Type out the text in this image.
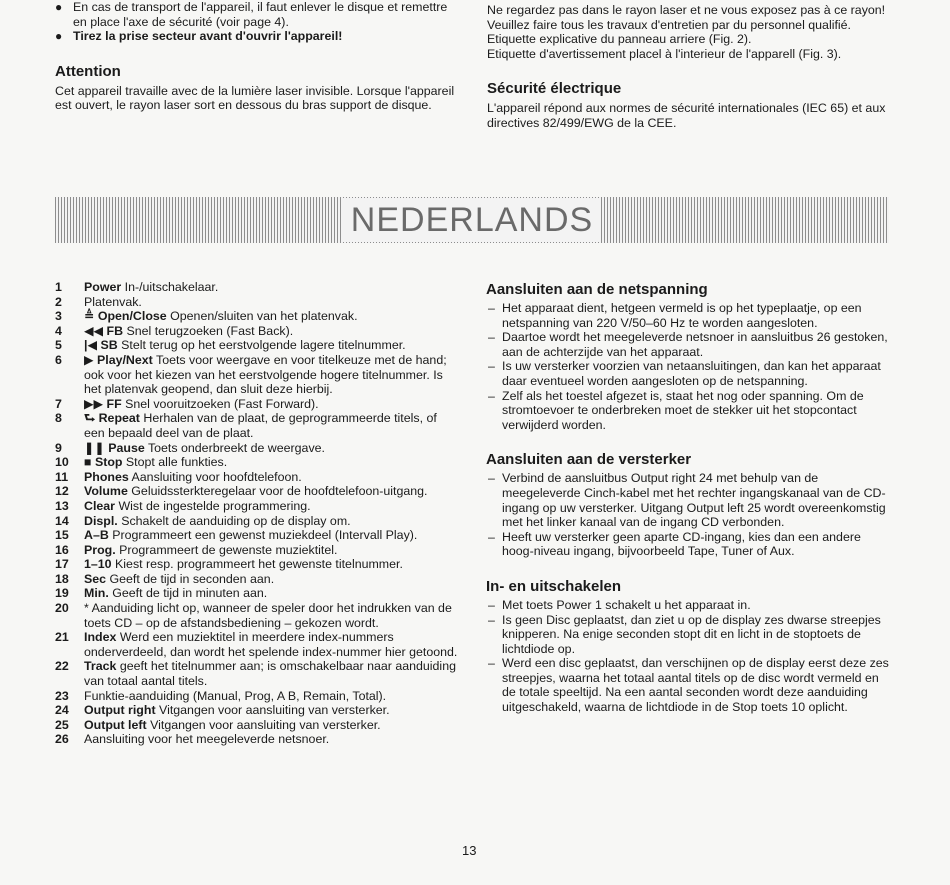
● En cas de transport de l'appareil, il faut enlever le disque et remettre en place l'axe de sécurité (voir page 4).
● Tirez la prise secteur avant d'ouvrir l'appareil!
Attention

Cet appareil travaille avec de la lumière laser invisible. Lorsque l'appareil est ouvert, le rayon laser sort en dessous du bras support de disque.

Ne regardez pas dans le rayon laser et ne vous exposez pas à ce rayon!

Veuillez faire tous les travaux d'entretien par du personnel qualifié.

Etiquette explicative du panneau arriere (Fig. 2).

Etiquette d'avertissement placel à l'interieur de l'apparell (Fig. 3).

Sécurité électrique

L'appareil répond aux normes de sécurité internationales (IEC 65) et aux directives 82/499/EWG de la CEE.

NEDERLANDS
1	Power In-/uitschakelaar.
2	Platenvak.
3	≜ Open/Close Openen/sluiten van het platenvak.
4	◀◀ FB Snel terugzoeken (Fast Back).
5	|◀ SB Stelt terug op het eerstvolgende lagere titelnummer.
6	▶ Play/Next Toets voor weergave en voor titelkeuze met de hand; ook voor het kiezen van het eerstvolgende hogere titelnummer. Is het platenvak geopend, dan sluit deze hierbij.
7	▶▶ FF Snel vooruitzoeken (Fast Forward).
8	⮑ Repeat Herhalen van de plaat, de geprogrammeerde titels, of een bepaald deel van de plaat.
9	❚❚ Pause Toets onderbreekt de weergave.
10	■ Stop Stopt alle funkties.
11	Phones Aansluiting voor hoofdtelefoon.
12	Volume Geluidssterkteregelaar voor de hoofdtelefoon-uitgang.
13	Clear Wist de ingestelde programmering.
14	Displ. Schakelt de aanduiding op de display om.
15	A–B Programmeert een gewenst muziekdeel (Intervall Play).
16	Prog. Programmeert de gewenste muziektitel.
17	1–10 Kiest resp. programmeert het gewenste titelnummer.
18	Sec Geeft de tijd in seconden aan.
19	Min. Geeft de tijd in minuten aan.
20	* Aanduiding licht op, wanneer de speler door het indrukken van de toets CD – op de afstandsbediening – gekozen wordt.
21	Index Werd een muziektitel in meerdere index-nummers onderverdeeld, dan wordt het spelende index-nummer hier getoond.
22	Track geeft het titelnummer aan; is omschakelbaar naar aanduiding van totaal aantal titels.
23	Funktie-aanduiding (Manual, Prog, A B, Remain, Total).
24	Output right Vitgangen voor aansluiting van versterker.
25	Output left Vitgangen voor aansluiting van versterker.
26	Aansluiting voor het meegeleverde netsnoer.
Aansluiten aan de netspanning
– Het apparaat dient, hetgeen vermeld is op het typeplaatje, op een netspanning van 220 V/50–60 Hz te worden aangesloten.
– Daartoe wordt het meegeleverde netsnoer in aansluitbus 26 gestoken, aan de achterzijde van het apparaat.
– Is uw versterker voorzien van netaansluitingen, dan kan het apparaat daar eventueel worden aangesloten op de netspanning.
– Zelf als het toestel afgezet is, staat het nog oder spanning. Om de stromtoevoer te onderbreken moet de stekker uit het stopcontact verwijderd worden.
Aansluiten aan de versterker
– Verbind de aansluitbus Output right 24 met behulp van de meegeleverde Cinch-kabel met het rechter ingangskanaal van de CD-ingang op uw versterker. Uitgang Output left 25 wordt overeenkomstig met het linker kanaal van de ingang CD verbonden.
– Heeft uw versterker geen aparte CD-ingang, kies dan een andere hoog-niveau ingang, bijvoorbeeld Tape, Tuner of Aux.
In- en uitschakelen
– Met toets Power 1 schakelt u het apparaat in.
– Is geen Disc geplaatst, dan ziet u op de display zes dwarse streepjes knipperen. Na enige seconden stopt dit en licht in de stoptoets de lichtdiode op.
– Werd een disc geplaatst, dan verschijnen op de display eerst deze zes streepjes, waarna het totaal aantal titels op de disc wordt vermeld en de totale speeltijd. Na een aantal seconden wordt deze aanduiding uitgeschakeld, waarna de lichtdiode in de Stop toets 10 oplicht.
13
